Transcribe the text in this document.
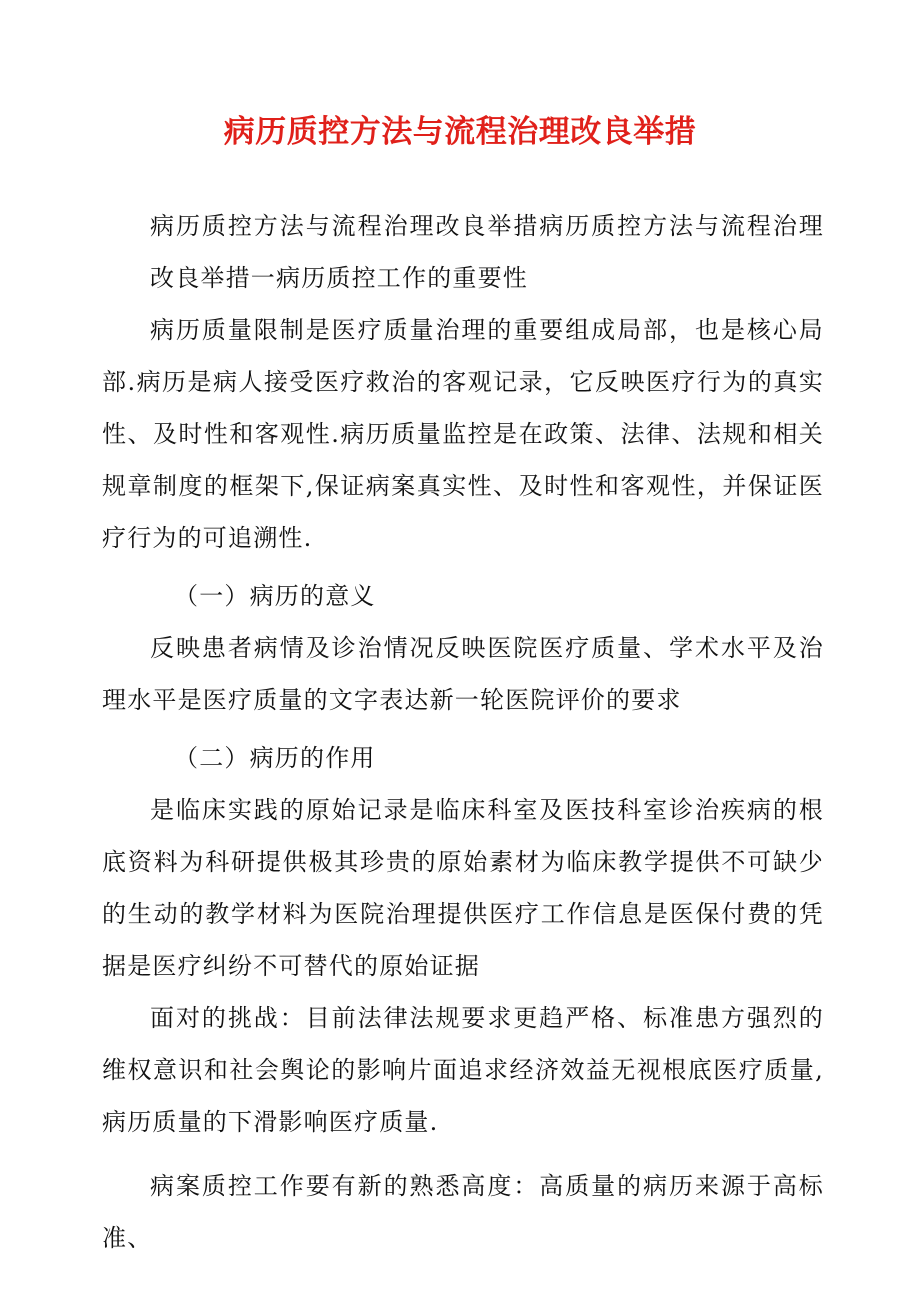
病历质控方法与流程治理改良举措

病历质控方法与流程治理改良举措病历质控方法与流程治理改良举措一病历质控工作的重要性

病历质量限制是医疗质量治理的重要组成局部，也是核心局部.病历是病人接受医疗救治的客观记录，它反映医疗行为的真实性、及时性和客观性.病历质量监控是在政策、法律、法规和相关规章制度的框架下,保证病案真实性、及时性和客观性，并保证医疗行为的可追溯性.

（一）病历的意义

反映患者病情及诊治情况反映医院医疗质量、学术水平及治理水平是医疗质量的文字表达新一轮医院评价的要求

（二）病历的作用

是临床实践的原始记录是临床科室及医技科室诊治疾病的根底资料为科研提供极其珍贵的原始素材为临床教学提供不可缺少的生动的教学材料为医院治理提供医疗工作信息是医保付费的凭据是医疗纠纷不可替代的原始证据

面对的挑战：目前法律法规要求更趋严格、标准患方强烈的维权意识和社会舆论的影响片面追求经济效益无视根底医疗质量,病历质量的下滑影响医疗质量.

病案质控工作要有新的熟悉高度：高质量的病历来源于高标准、
